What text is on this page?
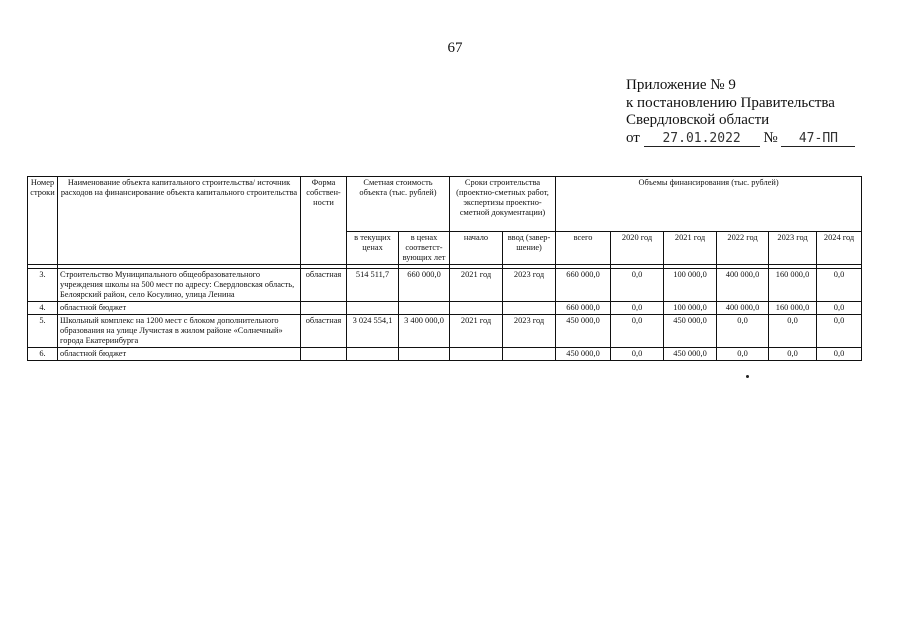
67
Приложение № 9
к постановлению Правительства
Свердловской области
от 27.01.2022 № 47-ПП
Номер строки	Наименование объекта капитального строительства/ источник расходов на финансирование объекта капитального строительства	Форма собствен-ности	Сметная стоимость объекта (тыс. рублей)		Сроки строительства (проектно-сметных работ, экспертизы проектно-сметной документации)		Объемы финансирования (тыс. рублей)					
			в текущих ценах	в ценах соответст-вующих лет	начало	ввод (завер-шение)	всего	2020 год	2021 год	2022 год	2023 год	2024 год

3.	Строительство Муниципального общеобразовательного учреждения школы на 500 мест по адресу: Свердловская область, Белоярский район, село Косулино, улица Ленина	областная	514 511,7	660 000,0	2021 год	2023 год	660 000,0	0,0	100 000,0	400 000,0	160 000,0	0,0
4.	областной бюджет						660 000,0	0,0	100 000,0	400 000,0	160 000,0	0,0
5.	Школьный комплекс на 1200 мест с блоком дополнительного образования на улице Лучистая в жилом районе «Солнечный» города Екатеринбурга	областная	3 024 554,1	3 400 000,0	2021 год	2023 год	450 000,0	0,0	450 000,0	0,0	0,0	0,0
6.	областной бюджет						450 000,0	0,0	450 000,0	0,0	0,0	0,0
